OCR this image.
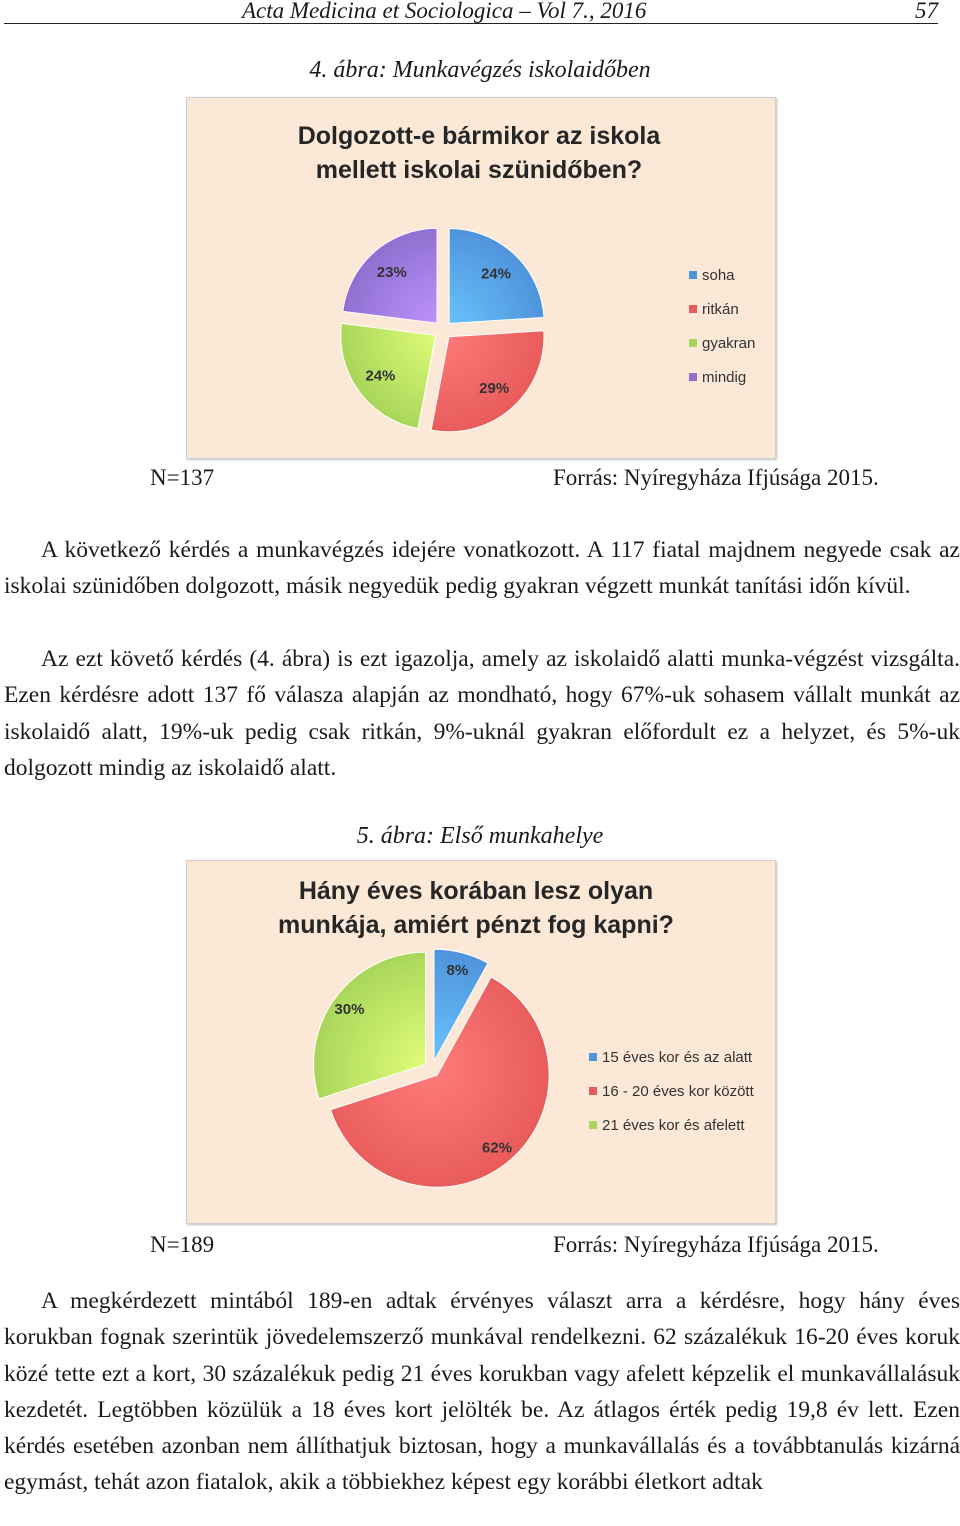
Acta Medicina et Sociologica – Vol 7., 2016	57
4. ábra: Munkavégzés iskolaidőben
Dolgozott-e bármikor az iskola
mellett iskolai szünidőben?
24%
29%
24%
23%	soha
ritkán
gyakran
mindig
N=137	Forrás: Nyíregyháza Ifjúsága 2015.

A következő kérdés a munkavégzés idejére vonatkozott. A 117 fiatal majdnem negyede csak az iskolai szünidőben dolgozott, másik negyedük pedig gyakran végzett munkát tanítási időn kívül.

Az ezt követő kérdés (4. ábra) is ezt igazolja, amely az iskolaidő alatti munka-végzést vizsgálta. Ezen kérdésre adott 137 fő válasza alapján az mondható, hogy 67%-uk sohasem vállalt munkát az iskolaidő alatt, 19%-uk pedig csak ritkán, 9%-uknál gyakran előfordult ez a helyzet, és 5%-uk dolgozott mindig az iskolaidő alatt.

5. ábra: Első munkahelye
Hány éves korában lesz olyan
munkája, amiért pénzt fog kapni?
8%
62%
30%
15 éves kor és az alatt
16 - 20 éves kor között
21 éves kor és afelett
N=189	Forrás: Nyíregyháza Ifjúsága 2015.

A megkérdezett mintából 189-en adtak érvényes választ arra a kérdésre, hogy hány éves korukban fognak szerintük jövedelemszerző munkával rendelkezni. 62 százalékuk 16-20 éves koruk közé tette ezt a kort, 30 százalékuk pedig 21 éves korukban vagy afelett képzelik el munkavállalásuk kezdetét. Legtöbben közülük a 18 éves kort jelölték be. Az átlagos érték pedig 19,8 év lett. Ezen kérdés esetében azonban nem állíthatjuk biztosan, hogy a munkavállalás és a továbbtanulás kizárná egymást, tehát azon fiatalok, akik a többiekhez képest egy korábbi életkort adtak
